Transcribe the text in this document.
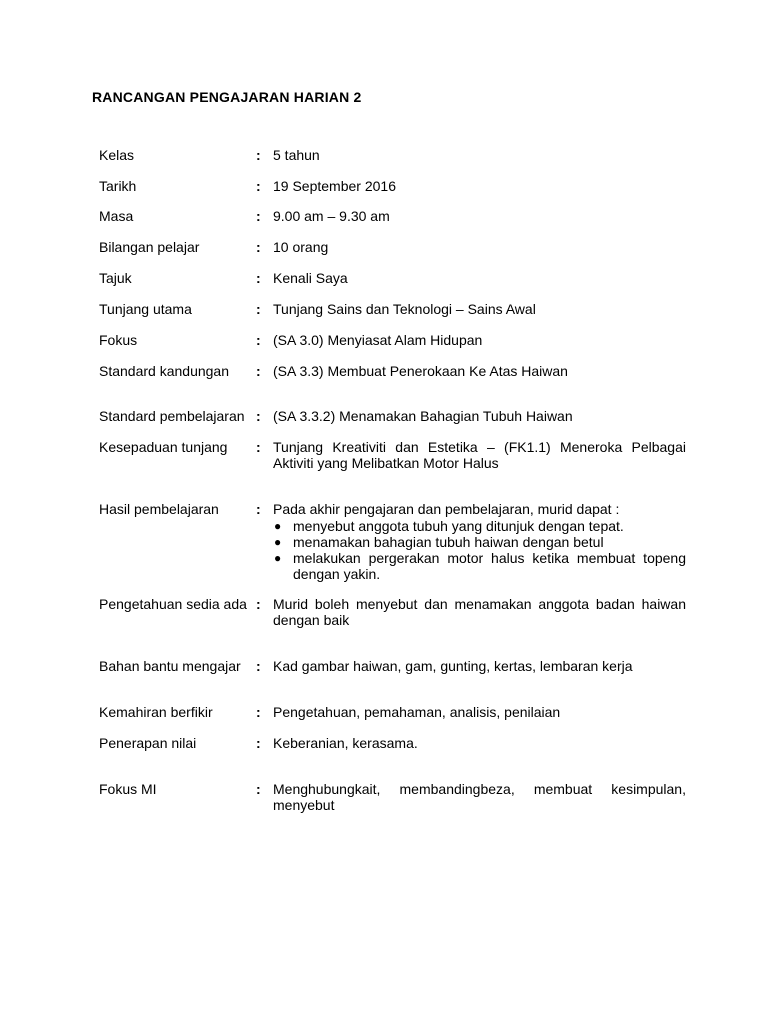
RANCANGAN PENGAJARAN HARIAN 2
Kelas	: 5 tahun
Tarikh	: 19 September 2016
Masa	: 9.00 am – 9.30 am
Bilangan pelajar	: 10 orang
Tajuk	: Kenali Saya
Tunjang utama	: Tunjang Sains dan Teknologi – Sains Awal
Fokus	: (SA 3.0) Menyiasat Alam Hidupan
Standard kandungan : (SA 3.3) Membuat Penerokaan Ke Atas Haiwan
Standard pembelajaran : (SA 3.3.2) Menamakan Bahagian Tubuh Haiwan
Kesepaduan tunjang : Tunjang Kreativiti dan Estetika – (FK1.1) Meneroka Pelbagai Aktiviti yang Melibatkan Motor Halus
Hasil pembelajaran	: Pada akhir pengajaran dan pembelajaran, murid dapat :
● menyebut anggota tubuh yang ditunjuk dengan tepat.
● menamakan bahagian tubuh haiwan dengan betul
● melakukan pergerakan motor halus ketika membuat topeng dengan yakin.
Pengetahuan sedia ada : Murid boleh menyebut dan menamakan anggota badan haiwan dengan baik
Bahan bantu mengajar : Kad gambar haiwan, gam, gunting, kertas, lembaran kerja
Kemahiran berfikir	: Pengetahuan, pemahaman, analisis, penilaian
Penerapan nilai	: Keberanian, kerasama.
Fokus MI	: Menghubungkait, membandingbeza, membuat kesimpulan, menyebut
